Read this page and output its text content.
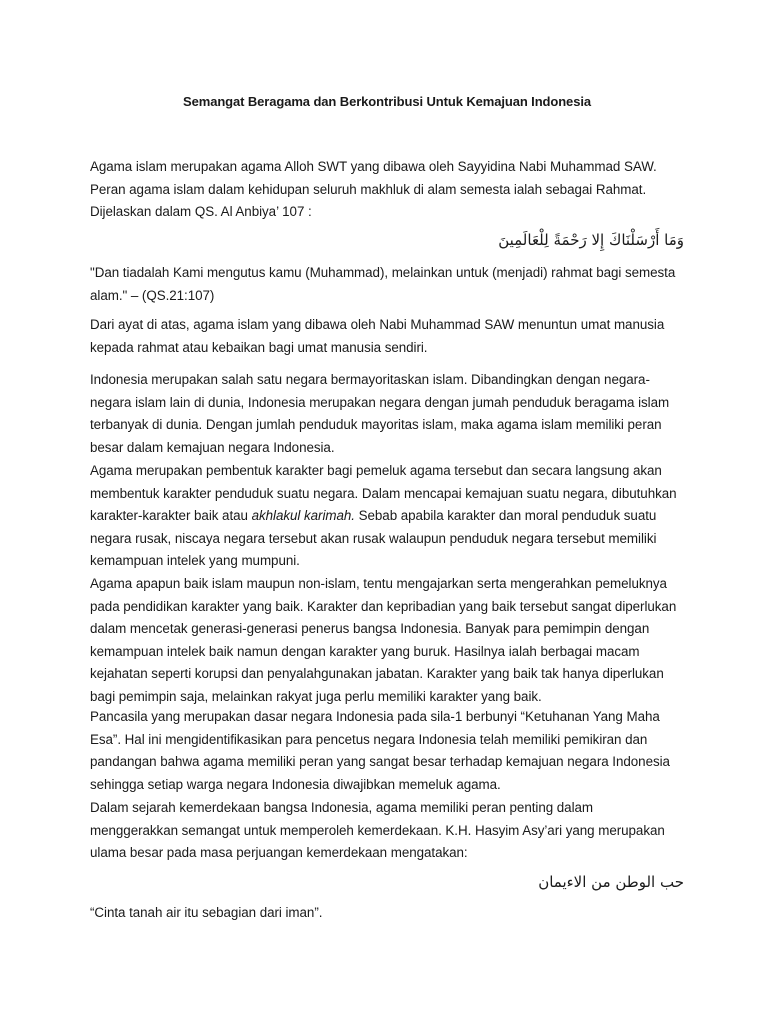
Semangat Beragama dan Berkontribusi Untuk Kemajuan Indonesia
Agama islam merupakan agama Alloh SWT yang dibawa oleh Sayyidina Nabi Muhammad SAW. Peran agama islam dalam kehidupan seluruh makhluk di alam semesta ialah sebagai Rahmat. Dijelaskan dalam QS. Al Anbiya’ 107 :
وَمَا أَرْسَلْنَاكَ إِلا رَحْمَةً لِلْعَالَمِينَ
"Dan tiadalah Kami mengutus kamu (Muhammad), melainkan untuk (menjadi) rahmat bagi semesta alam." – (QS.21:107)
Dari ayat di atas, agama islam yang dibawa oleh Nabi Muhammad SAW menuntun umat manusia kepada rahmat atau kebaikan bagi umat manusia sendiri.
Indonesia merupakan salah satu negara bermayoritaskan islam. Dibandingkan dengan negara-negara islam lain di dunia, Indonesia merupakan negara dengan jumah penduduk beragama islam terbanyak di dunia. Dengan jumlah penduduk mayoritas islam, maka agama islam memiliki peran besar dalam kemajuan negara Indonesia.
Agama merupakan pembentuk karakter bagi pemeluk agama tersebut dan secara langsung akan membentuk karakter penduduk suatu negara. Dalam mencapai kemajuan suatu negara, dibutuhkan karakter-karakter baik atau akhlakul karimah. Sebab apabila karakter dan moral penduduk suatu negara rusak, niscaya negara tersebut akan rusak walaupun penduduk negara tersebut memiliki kemampuan intelek yang mumpuni.
Agama apapun baik islam maupun non-islam, tentu mengajarkan serta mengerahkan pemeluknya pada pendidikan karakter yang baik. Karakter dan kepribadian yang baik tersebut sangat diperlukan dalam mencetak generasi-generasi penerus bangsa Indonesia. Banyak para pemimpin dengan kemampuan intelek baik namun dengan karakter yang buruk. Hasilnya ialah berbagai macam kejahatan seperti korupsi dan penyalahgunakan jabatan. Karakter yang baik tak hanya diperlukan bagi pemimpin saja, melainkan rakyat juga perlu memiliki karakter yang baik.
Pancasila yang merupakan dasar negara Indonesia pada sila-1 berbunyi “Ketuhanan Yang Maha Esa”. Hal ini mengidentifikasikan para pencetus negara Indonesia telah memiliki pemikiran dan pandangan bahwa agama memiliki peran yang sangat besar terhadap kemajuan negara Indonesia sehingga setiap warga negara Indonesia diwajibkan memeluk agama.
Dalam sejarah kemerdekaan bangsa Indonesia, agama memiliki peran penting dalam menggerakkan semangat untuk memperoleh kemerdekaan. K.H. Hasyim Asy’ari yang merupakan ulama besar pada masa perjuangan kemerdekaan mengatakan:
حب الوطن من الاءيمان
“Cinta tanah air itu sebagian dari iman”.
